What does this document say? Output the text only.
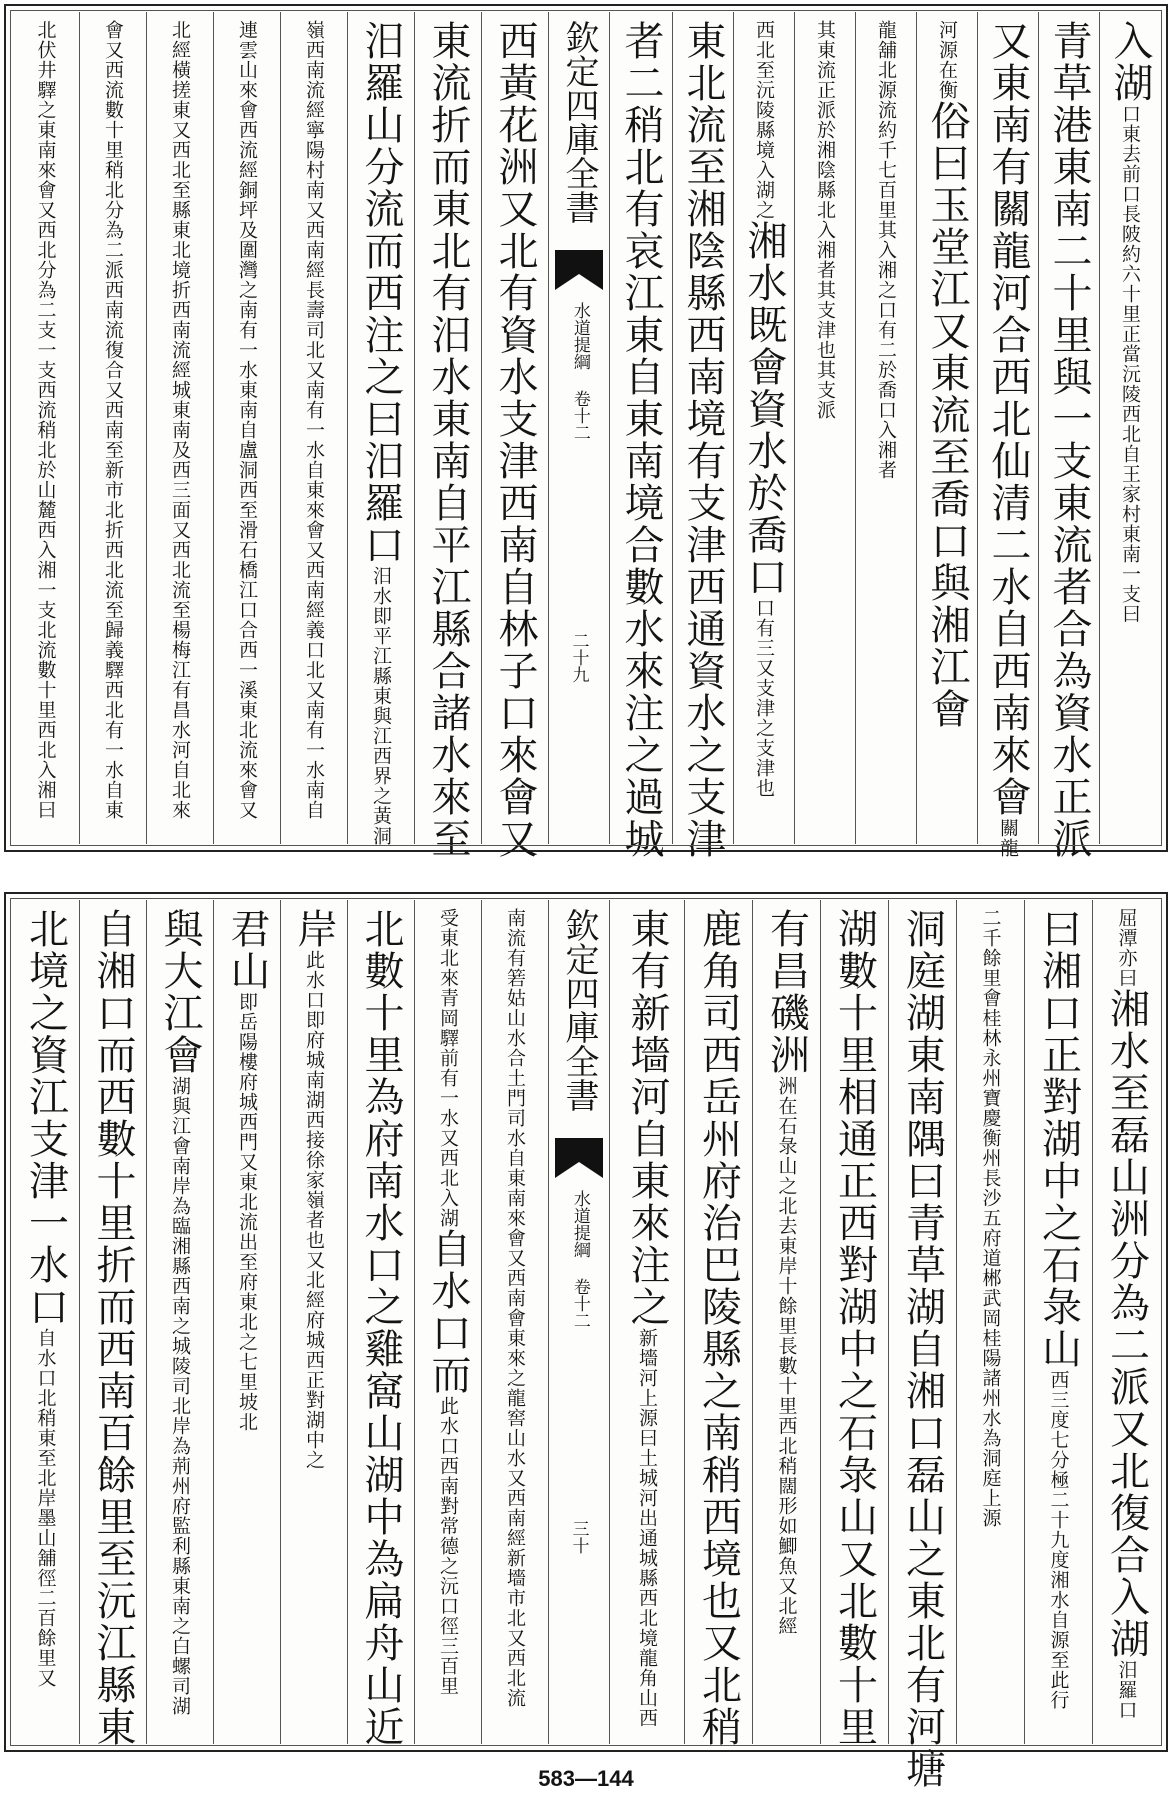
入湖口東去前口長陂約六十里正當沅陵西北自王家村東南一支曰
青草港東南二十里與一支東流者合為資水正派
又東南有關龍河合西北仙清二水自西南來會關龍
河源在衡俗曰玉堂江又東流至喬口與湘江會
龍舖北源流約千七百里其入湘之口有二於喬口入湘者
其東流正派於湘陰縣北入湘者其支津也其支派
西北至沅陵縣境入湖之湘水既會資水於喬口口有三又支津之支津也
東北流至湘陰縣西南境有支津西通資水之支津
者二稍北有哀江東自東南境合數水來注之過城
欽定四庫全書
水道提綱 卷十二
二十九
西黃花洲又北有資水支津西南自林子口來會又
東流折而東北有汨水東南自平江縣合諸水來至
汨羅山分流而西注之曰汨羅口汨水即平江縣東與江西界之黃洞
嶺西南流經寧陽村南又西南經長壽司北又南有一水自東來會又西南經義口北又南有一水南自
連雲山來會西流經銅坪及圍灣之南有一水東南自盧洞西至滑石橋江口合西一溪東北流來會又
北經橫搓東又西北至縣東北境折西南流經城東南及西三面又西北流至楊梅江有昌水河自北來
會又西流數十里稍北分為二派西南流復合又西南至新市北折西北流至歸義驛西北有一水自東
北伏井驛之東南來會又西北分為二支一支西流稍北於山麓西入湘一支北流數十里西北入湘曰
屈潭亦曰湘水至磊山洲分為二派又北復合入湖汨羅口
曰湘口正對湖中之石彔山西三度七分極二十九度湘水自源至此行
二千餘里會桂林永州寶慶衡州長沙五府道郴武岡桂陽諸州水為洞庭上源
洞庭湖東南隅曰青草湖自湘口磊山之東北有河塘
湖數十里相通正西對湖中之石彔山又北數十里
有昌磯洲洲在石彔山之北去東岸十餘里長數十里西北稍闊形如鯽魚又北經
鹿角司西岳州府治巴陵縣之南稍西境也又北稍
東有新墻河自東來注之新墻河上源曰土城河出通城縣西北境龍角山西
欽定四庫全書
水道提綱 卷十二
三十
南流有箬姑山水合土門司水自東南來會又西南會東來之龍窖山水又西南經新墻市北又西北流
受東北來青岡驛前有一水又西北入湖自水口而此水口西南對常德之沅口徑三百里
北數十里為府南水口之雞窩山湖中為扁舟山近
岸此水口即府城南湖西接徐家嶺者也又北經府城西正對湖中之
君山即岳陽樓府城西門又東北流出至府東北之七里坡北
與大江會湖與江會南岸為臨湘縣西南之城陵司北岸為荊州府監利縣東南之白螺司湖
自湘口而西數十里折而西南百餘里至沅江縣東
北境之資江支津一水口自水口北稍東至北岸墨山舖徑二百餘里又
583—144
